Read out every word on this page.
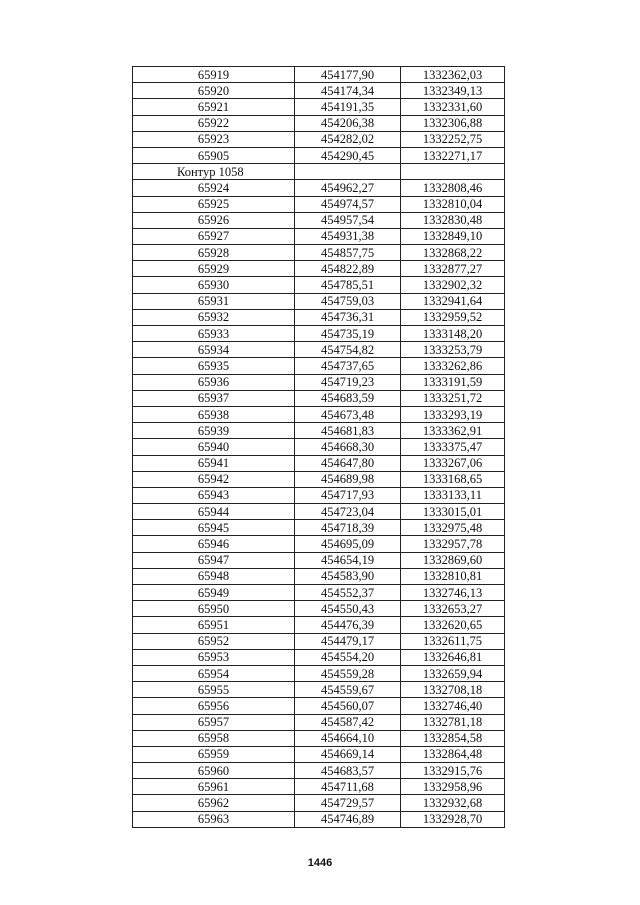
65919	454177,90	1332362,03
65920	454174,34	1332349,13
65921	454191,35	1332331,60
65922	454206,38	1332306,88
65923	454282,02	1332252,75
65905	454290,45	1332271,17
Контур 1058		
65924	454962,27	1332808,46
65925	454974,57	1332810,04
65926	454957,54	1332830,48
65927	454931,38	1332849,10
65928	454857,75	1332868,22
65929	454822,89	1332877,27
65930	454785,51	1332902,32
65931	454759,03	1332941,64
65932	454736,31	1332959,52
65933	454735,19	1333148,20
65934	454754,82	1333253,79
65935	454737,65	1333262,86
65936	454719,23	1333191,59
65937	454683,59	1333251,72
65938	454673,48	1333293,19
65939	454681,83	1333362,91
65940	454668,30	1333375,47
65941	454647,80	1333267,06
65942	454689,98	1333168,65
65943	454717,93	1333133,11
65944	454723,04	1333015,01
65945	454718,39	1332975,48
65946	454695,09	1332957,78
65947	454654,19	1332869,60
65948	454583,90	1332810,81
65949	454552,37	1332746,13
65950	454550,43	1332653,27
65951	454476,39	1332620,65
65952	454479,17	1332611,75
65953	454554,20	1332646,81
65954	454559,28	1332659,94
65955	454559,67	1332708,18
65956	454560,07	1332746,40
65957	454587,42	1332781,18
65958	454664,10	1332854,58
65959	454669,14	1332864,48
65960	454683,57	1332915,76
65961	454711,68	1332958,96
65962	454729,57	1332932,68
65963	454746,89	1332928,70
1446
